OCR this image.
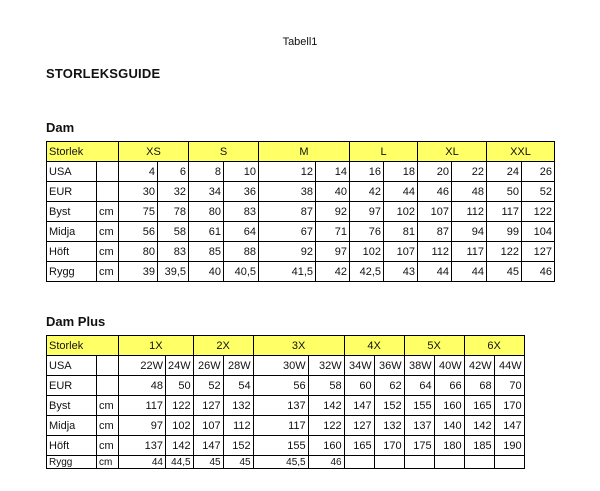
Tabell1
STORLEKSGUIDE
Dam
Storlek		XS		S		M		L		XL		XXL	
USA		4	6	8	10	12	14	16	18	20	22	24	26
EUR		30	32	34	36	38	40	42	44	46	48	50	52
Byst	cm	75	78	80	83	87	92	97	102	107	112	117	122
Midja	cm	56	58	61	64	67	71	76	81	87	94	99	104
Höft	cm	80	83	85	88	92	97	102	107	112	117	122	127
Rygg	cm	39	39,5	40	40,5	41,5	42	42,5	43	44	44	45	46
Dam Plus
Storlek		1X		2X		3X		4X		5X		6X	
USA		22W	24W	26W	28W	30W	32W	34W	36W	38W	40W	42W	44W
EUR		48	50	52	54	56	58	60	62	64	66	68	70
Byst	cm	117	122	127	132	137	142	147	152	155	160	165	170
Midja	cm	97	102	107	112	117	122	127	132	137	140	142	147
Höft	cm	137	142	147	152	155	160	165	170	175	180	185	190
Rygg	cm	44	44,5	45	45	45,5	46						
